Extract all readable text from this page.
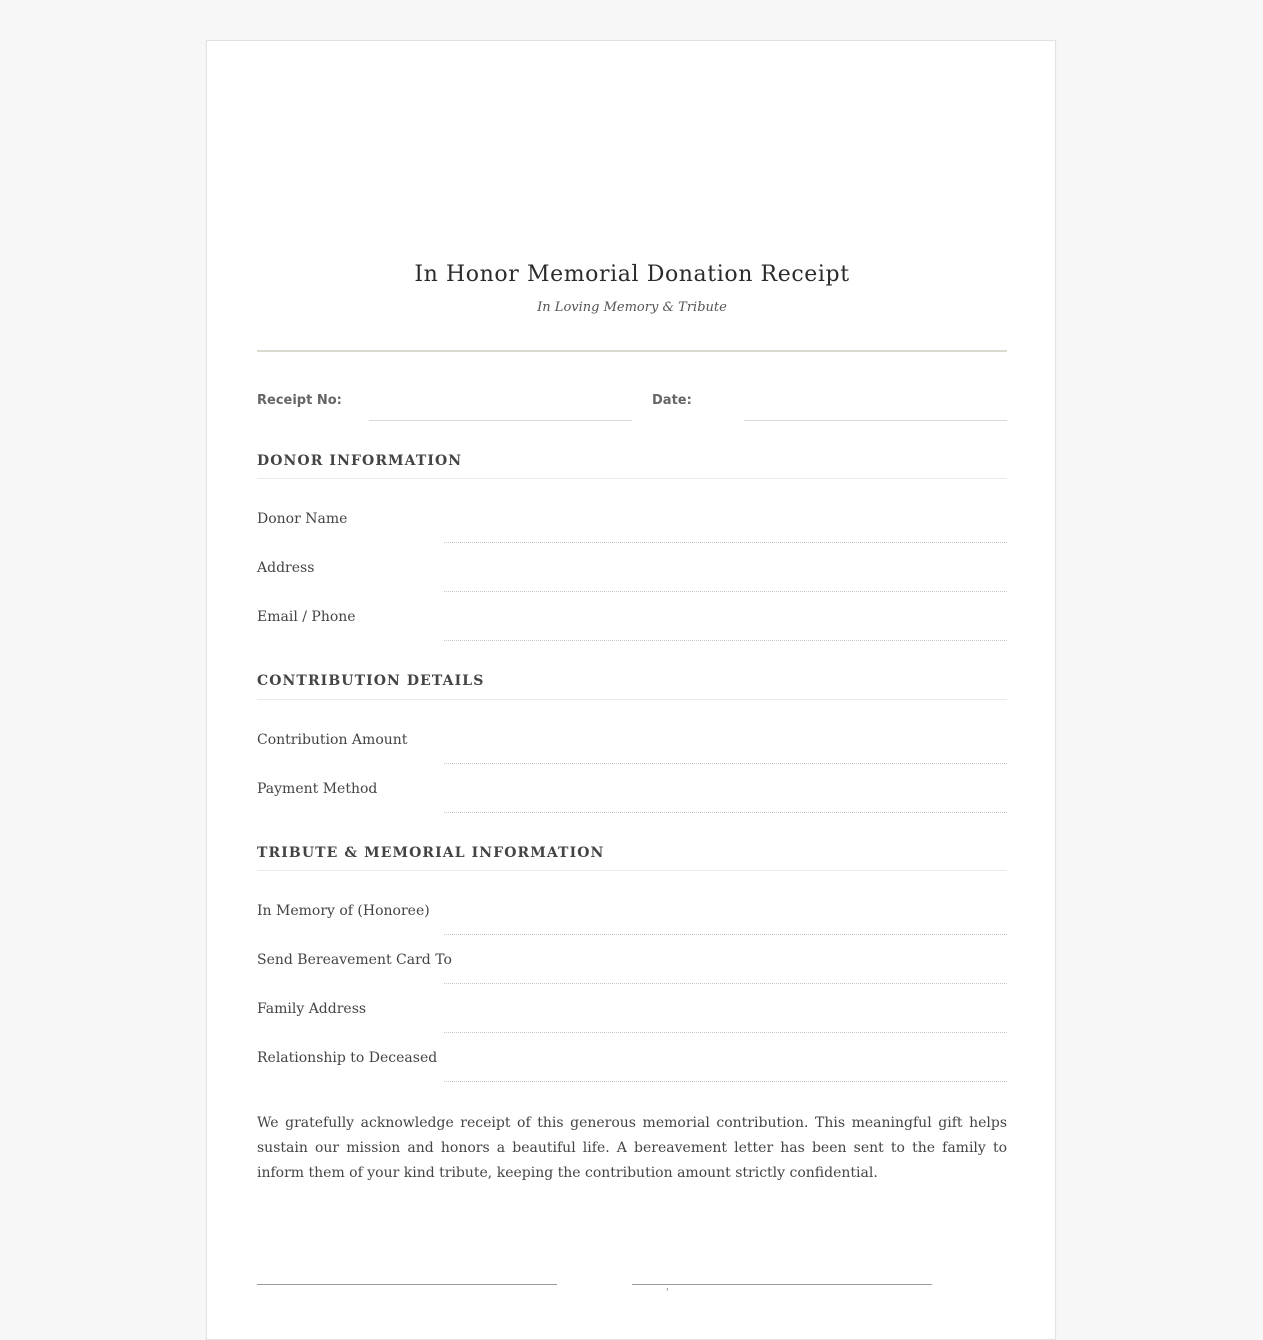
In Honor Memorial Donation Receipt
In Loving Memory & Tribute
Receipt No:	Date:
DONOR INFORMATION
Donor Name
Address
Email / Phone
CONTRIBUTION DETAILS
Contribution Amount
Payment Method
TRIBUTE & MEMORIAL INFORMATION
In Memory of (Honoree)
Send Bereavement Card To
Family Address
Relationship to Deceased
We gratefully acknowledge receipt of this generous memorial contribution. This meaningful gift helps sustain our mission and honors a beautiful life. A bereavement letter has been sent to the family to inform them of your kind tribute, keeping the contribution amount strictly confidential.
'
